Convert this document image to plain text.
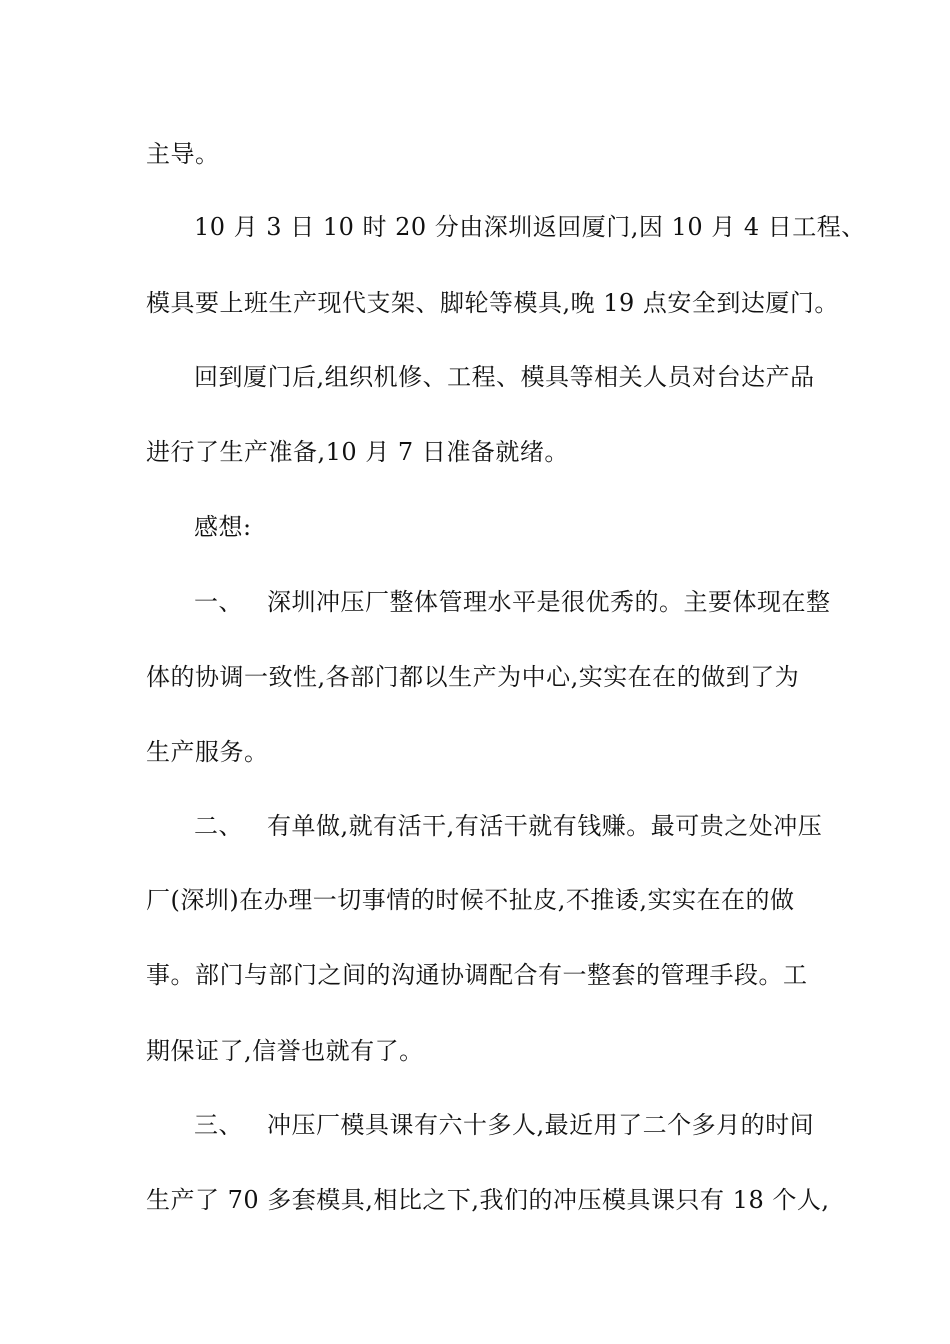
主导。
10 月 3 日 10 时 20 分由深圳返回厦门,因 10 月 4 日工程、
模具要上班生产现代支架、脚轮等模具,晚 19 点安全到达厦门。
回到厦门后,组织机修、工程、模具等相关人员对台达产品
进行了生产准备,10 月 7 日准备就绪。
感想:
一、 深圳冲压厂整体管理水平是很优秀的。主要体现在整
体的协调一致性,各部门都以生产为中心,实实在在的做到了为
生产服务。
二、 有单做,就有活干,有活干就有钱赚。最可贵之处冲压
厂(深圳)在办理一切事情的时候不扯皮,不推诿,实实在在的做
事。部门与部门之间的沟通协调配合有一整套的管理手段。工
期保证了,信誉也就有了。
三、 冲压厂模具课有六十多人,最近用了二个多月的时间
生产了 70 多套模具,相比之下,我们的冲压模具课只有 18 个人,
